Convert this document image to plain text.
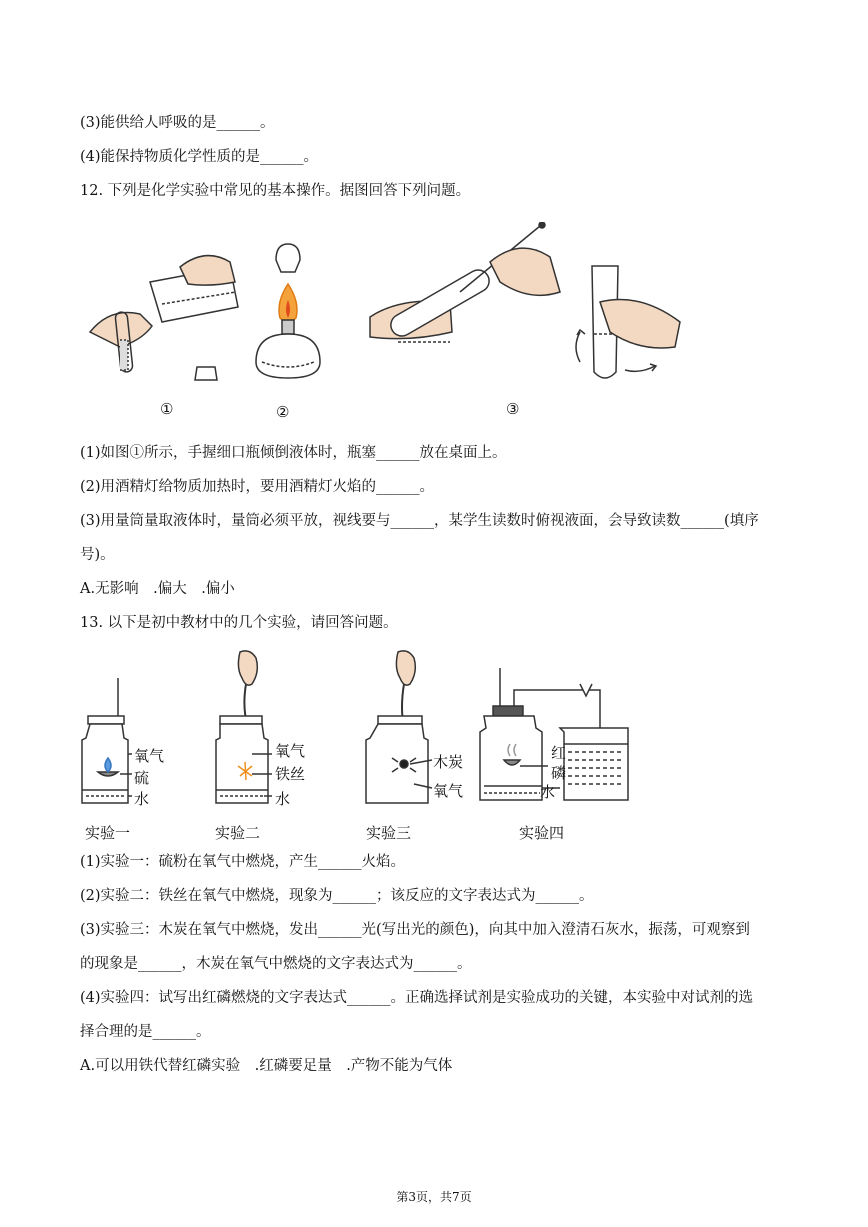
(3)能供给人呼吸的是______。
(4)能保持物质化学性质的是______。
12. 下列是化学实验中常见的基本操作。据图回答下列问题。
①	②	③
(1)如图①所示，手握细口瓶倾倒液体时，瓶塞______放在桌面上。
(2)用酒精灯给物质加热时，要用酒精灯火焰的______。
(3)用量筒量取液体时，量筒必须平放，视线要与______，某学生读数时俯视液面，会导致读数______(填序
号)。
A.无影响　.偏大　.偏小
13. 以下是初中教材中的几个实验，请回答问题。
氧气
硫
水
氧气
铁丝
水
木炭
氧气
红
磷
水
实验一	实验二	实验三	实验四
(1)实验一：硫粉在氧气中燃烧，产生______火焰。
(2)实验二：铁丝在氧气中燃烧，现象为______；该反应的文字表达式为______。
(3)实验三：木炭在氧气中燃烧，发出______光(写出光的颜色)，向其中加入澄清石灰水，振荡，可观察到
的现象是______，木炭在氧气中燃烧的文字表达式为______。
(4)实验四：试写出红磷燃烧的文字表达式______。正确选择试剂是实验成功的关键，本实验中对试剂的选
择合理的是______。
A.可以用铁代替红磷实验　.红磷要足量　.产物不能为气体
第3页，共7页
